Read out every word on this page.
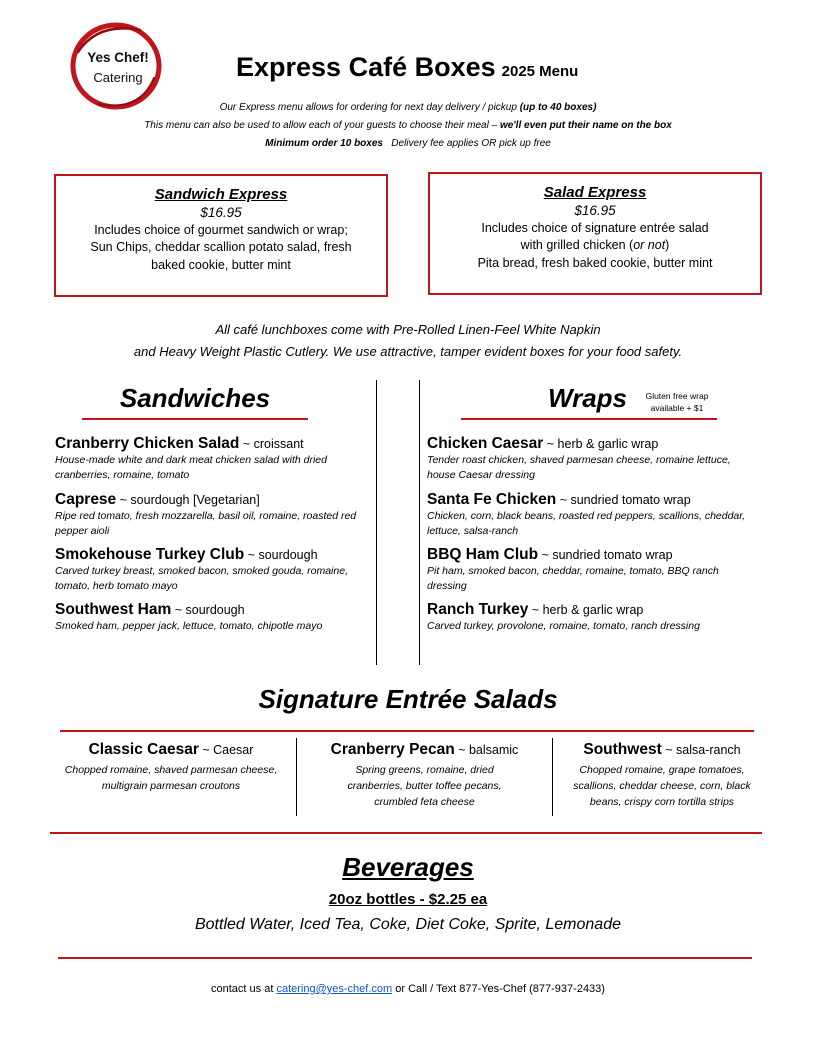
Yes Chef!
Catering	Express Café Boxes 2025 Menu
Our Express menu allows for ordering for next day delivery / pickup (up to 40 boxes)
This menu can also be used to allow each of your guests to choose their meal – we'll even put their name on the box
Minimum order 10 boxes   Delivery fee applies OR pick up free
Sandwich Express
$16.95
Includes choice of gourmet sandwich or wrap;
Sun Chips, cheddar scallion potato salad, fresh
baked cookie, butter mint
Salad Express
$16.95
Includes choice of signature entrée salad
with grilled chicken (or not)
Pita bread, fresh baked cookie, butter mint
All café lunchboxes come with Pre-Rolled Linen-Feel White Napkin
and Heavy Weight Plastic Cutlery. We use attractive, tamper evident boxes for your food safety.
Sandwiches
Cranberry Chicken Salad ~ croissant
House-made white and dark meat chicken salad with dried cranberries, romaine, tomato
Caprese ~ sourdough [Vegetarian]
Ripe red tomato, fresh mozzarella, basil oil, romaine, roasted red pepper aioli
Smokehouse Turkey Club ~ sourdough
Carved turkey breast, smoked bacon, smoked gouda, romaine, tomato, herb tomato mayo
Southwest Ham ~ sourdough
Smoked ham, pepper jack, lettuce, tomato, chipotle mayo
Wraps	Gluten free wrap
available + $1
Chicken Caesar ~ herb & garlic wrap
Tender roast chicken, shaved parmesan cheese, romaine lettuce, house Caesar dressing
Santa Fe Chicken ~ sundried tomato wrap
Chicken, corn, black beans, roasted red peppers, scallions, cheddar, lettuce, salsa-ranch
BBQ Ham Club ~ sundried tomato wrap
Pit ham, smoked bacon, cheddar, romaine, tomato, BBQ ranch dressing
Ranch Turkey ~ herb & garlic wrap
Carved turkey, provolone, romaine, tomato, ranch dressing
Signature Entrée Salads
Classic Caesar ~ Caesar
Chopped romaine, shaved parmesan cheese, multigrain parmesan croutons
Cranberry Pecan ~ balsamic
Spring greens, romaine, dried cranberries, butter toffee pecans, crumbled feta cheese
Southwest ~ salsa-ranch
Chopped romaine, grape tomatoes, scallions, cheddar cheese, corn, black beans, crispy corn tortilla strips
Beverages
20oz bottles - $2.25 ea
Bottled Water, Iced Tea, Coke, Diet Coke, Sprite, Lemonade
contact us at catering@yes-chef.com or Call / Text 877-Yes-Chef (877-937-2433)
